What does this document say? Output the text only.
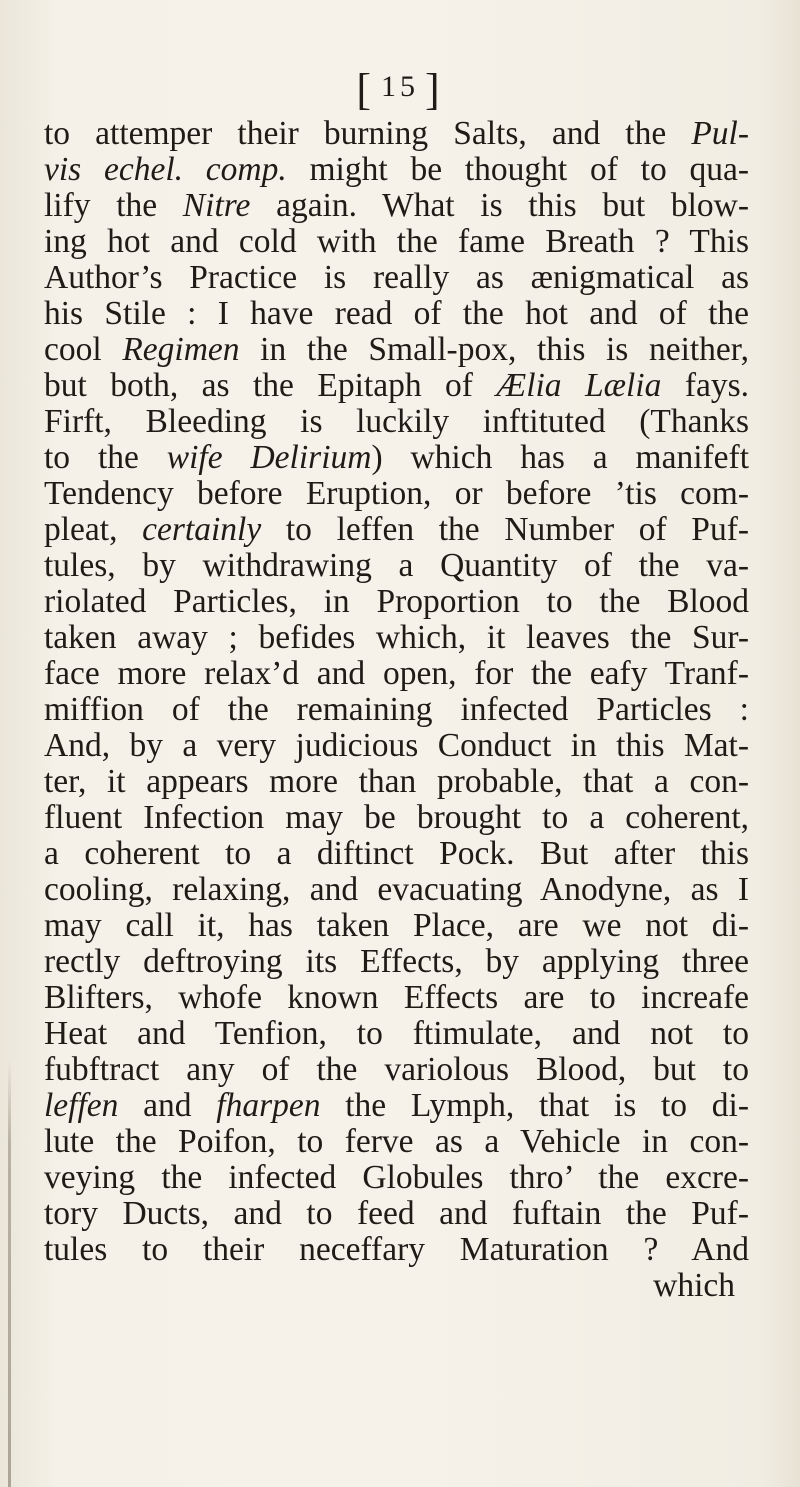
[ 15 ]
to attemper their burning Salts, and the Pul-
vis echel. comp. might be thought of to qua-
lify the Nitre again. What is this but blow-
ing hot and cold with the fame Breath ? This
Author’s Practice is really as ænigmatical as
his Stile : I have read of the hot and of the
cool Regimen in the Small-pox, this is neither,
but both, as the Epitaph of Ælia Lælia fays.
Firft, Bleeding is luckily inftituted (Thanks
to the wife Delirium) which has a manifeft
Tendency before Eruption, or before ’tis com-
pleat, certainly to leffen the Number of Puf-
tules, by withdrawing a Quantity of the va-
riolated Particles, in Proportion to the Blood
taken away ; befides which, it leaves the Sur-
face more relax’d and open, for the eafy Tranf-
miffion of the remaining infected Particles :
And, by a very judicious Conduct in this Mat-
ter, it appears more than probable, that a con-
fluent Infection may be brought to a coherent,
a coherent to a diftinct Pock. But after this
cooling, relaxing, and evacuating Anodyne, as I
may call it, has taken Place, are we not di-
rectly deftroying its Effects, by applying three
Blifters, whofe known Effects are to increafe
Heat and Tenfion, to ftimulate, and not to
fubftract any of the variolous Blood, but to
leffen and fharpen the Lymph, that is to di-
lute the Poifon, to ferve as a Vehicle in con-
veying the infected Globules thro’ the excre-
tory Ducts, and to feed and fuftain the Puf-
tules to their neceffary Maturation ? And
which
